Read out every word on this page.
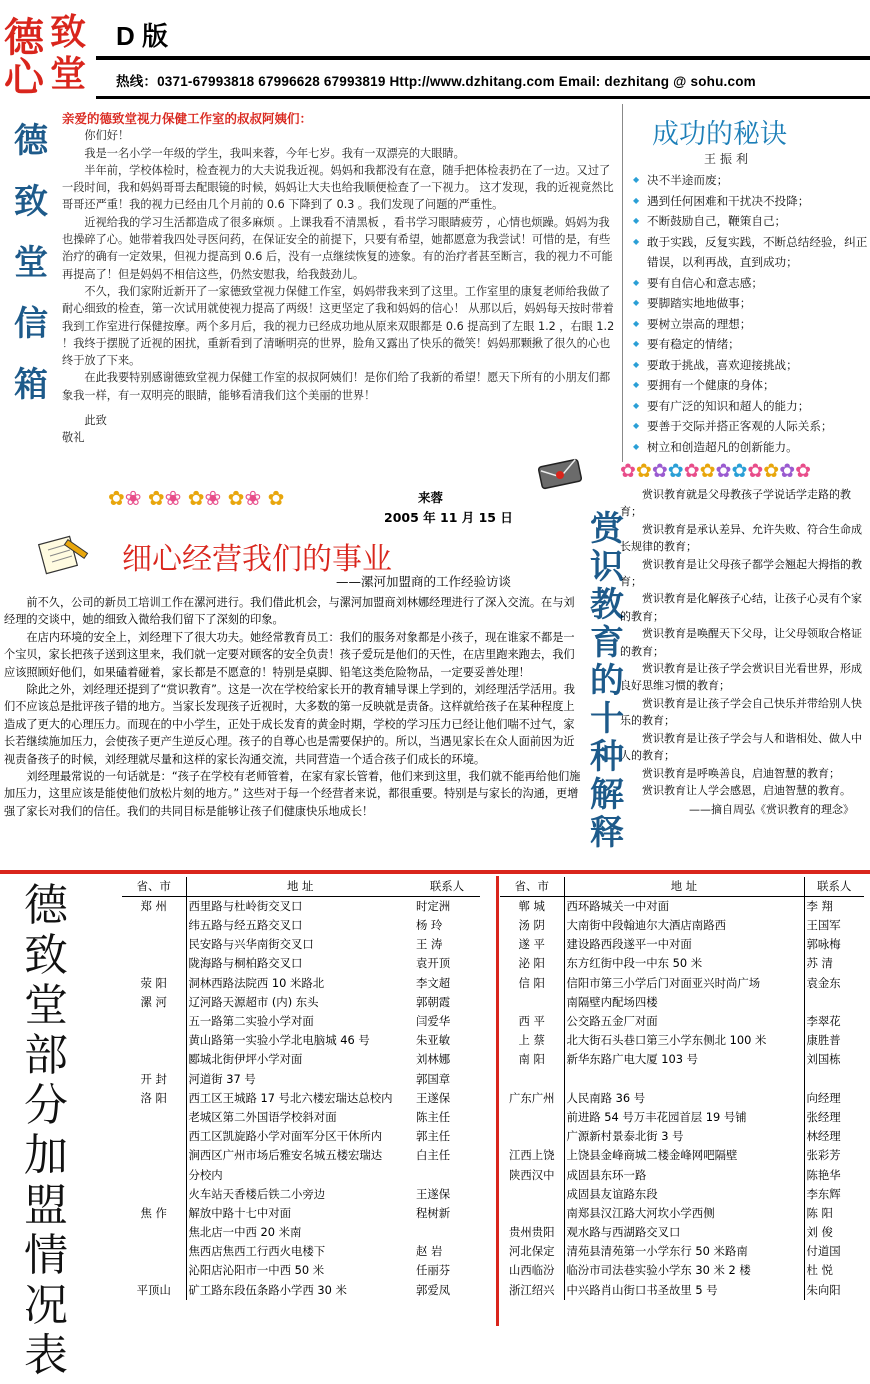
德 致
心 堂
D 版
热线：0371-67993818 67996628 67993819 Http://www.dzhitang.com Email: dezhitang @ sohu.com
德
致
堂
信
箱
亲爱的德致堂视力保健工作室的叔叔阿姨们：

你们好！

我是一名小学一年级的学生，我叫来蓉，今年七岁。我有一双漂亮的大眼睛。

半年前，学校体检时，检查视力的大夫说我近视。妈妈和我都没有在意，随手把体检表扔在了一边。又过了一段时间，我和妈妈哥哥去配眼镜的时候，妈妈让大夫也给我顺便检查了一下视力。 这才发现，我的近视竟然比哥哥还严重！我的视力已经由几个月前的 0.6 下降到了 0.3 。我们发现了问题的严重性。

近视给我的学习生活都造成了很多麻烦 。上课我看不清黑板 ，看书学习眼睛疲劳 ，心情也烦躁。妈妈为我也操碎了心。她带着我四处寻医问药，在保证安全的前提下，只要有希望，她都愿意为我尝试！可惜的是，有些治疗的确有一定效果，但视力提高到 0.6 后，没有一点继续恢复的迹象。有的治疗者甚至断言，我的视力不可能再提高了！但是妈妈不相信这些，仍然安慰我，给我鼓劲儿。

不久，我们家附近新开了一家德致堂视力保健工作室，妈妈带我来到了这里。工作室里的康复老师给我做了耐心细致的检查，第一次试用就使视力提高了两级！这更坚定了我和妈妈的信心！ 从那以后，妈妈每天按时带着我到工作室进行保健按摩。两个多月后，我的视力已经成功地从原来双眼都是 0.6 提高到了左眼 1.2 ，右眼 1.2 ！我终于摆脱了近视的困扰，重新看到了清晰明亮的世界，脸角又露出了快乐的微笑！妈妈那颗揪了很久的心也终于放了下来。

在此我要特别感谢德致堂视力保健工作室的叔叔阿姨们！是你们给了我新的希望！愿天下所有的小朋友们都象我一样，有一双明亮的眼睛，能够看清我们这个美丽的世界！

此致

敬礼

成功的秘诀
王振利
◆ 决不半途而废；
◆ 遇到任何困难和干扰决不投降；
◆ 不断鼓励自己，鞭策自己；
◆ 敢于实践，反复实践，不断总结经验，纠正错误，以利再战，直到成功；
◆ 要有自信心和意志感；
◆ 要脚踏实地地做事；
◆ 要树立崇高的理想；
◆ 要有稳定的情绪；
◆ 要敢于挑战，喜欢迎接挑战；
◆ 要拥有一个健康的身体；
◆ 要有广泛的知识和超人的能力；
◆ 要善于交际并搭正客观的人际关系；
◆ 树立和创造超凡的创新能力。
✿✿✿✿✿✿✿✿✿✿✿✿
✿❀ ✿❀ ✿❀ ✿❀ ✿	来蓉
2005 年 11 月 15 日
细心经营我们的事业
——漯河加盟商的工作经验访谈

前不久，公司的新员工培训工作在漯河进行。我们借此机会，与漯河加盟商刘林娜经理进行了深入交流。在与刘经理的交谈中，她的细致入微给我们留下了深刻的印象。

在店内环境的安全上，刘经理下了很大功夫。她经常教育员工：我们的服务对象都是小孩子，现在谁家不都是一个宝贝，家长把孩子送到这里来，我们就一定要对顾客的安全负责！孩子爱玩是他们的天性，在店里跑来跑去，我们应该照顾好他们，如果磕着碰着，家长都是不愿意的！特别是桌脚、铅笔这类危险物品，一定要妥善处理！

除此之外，刘经理还提到了“赏识教育”。这是一次在学校给家长开的教育辅导课上学到的，刘经理活学活用。我们不应该总是批评孩子错的地方。当家长发现孩子近视时，大多数的第一反映就是责备。这样就给孩子在某种程度上造成了更大的心理压力。而现在的中小学生，正处于成长发育的黄金时期，学校的学习压力已经让他们喘不过气，家长若继续施加压力，会使孩子更产生逆反心理。孩子的自尊心也是需要保护的。所以，当遇见家长在众人面前因为近视责备孩子的时候，刘经理就尽量和这样的家长沟通交流，共同营造一个适合孩子们成长的环境。

刘经理最常说的一句话就是：“孩子在学校有老师管着，在家有家长管着，他们来到这里，我们就不能再给他们施加压力，这里应该是能使他们放松片刻的地方。” 这些对于每一个经营者来说，都很重要。特别是与家长的沟通，更增强了家长对我们的信任。我们的共同目标是能够让孩子们健康快乐地成长！

赏
识
教
育
的
十
种
解
释

赏识教育就是父母教孩子学说话学走路的教育；

赏识教育是承认差异、允许失败、符合生命成长规律的教育；

赏识教育是让父母孩子都学会翘起大拇指的教育；

赏识教育是化解孩子心结，让孩子心灵有个家的教育；

赏识教育是唤醒天下父母，让父母领取合格证的教育；

赏识教育是让孩子学会赏识目光看世界，形成良好思维习惯的教育；

赏识教育是让孩子学会自己快乐并带给别人快乐的教育；

赏识教育是让孩子学会与人和谐相处、做人中人的教育；

赏识教育是呼唤善良，启迪智慧的教育；

赏识教育让人学会感恩，启迪智慧的教育。

——摘自周弘《赏识教育的理念》
德
致
堂
部
分
加
盟
情
况
表
省、市	地 址	联系人
郑 州	西里路与杜岭街交叉口	时定洲
	纬五路与经五路交叉口	杨 玲
	民安路与兴华南街交叉口	王 涛
	陇海路与桐柏路交叉口	袁开顶
荥 阳	洞林西路法院西 10 米路北	李文超
漯 河	辽河路天源超市 (内) 东头	郭朝霞
	五一路第二实验小学对面	闫爱华
	黄山路第一实验小学北电脑城 46 号	朱亚敏
	郾城北街伊坪小学对面	刘林娜
开 封	河道街 37 号	郭国章
洛 阳	西工区王城路 17 号北六楼宏瑞达总校内	王遂保
	老城区第二外国语学校斜对面	陈主任
	西工区凯旋路小学对面军分区干休所内	郭主任
	涧西区广州市场后雅安名城五楼宏瑞达	白主任
	分校内	
	火车站天香楼后铁二小旁边	王遂保
焦 作	解放中路十七中对面	程树新
	焦北店一中西 20 米南	
	焦西店焦西工行西火电楼下	赵 岩
	沁阳店沁阳市一中西 50 米	任丽芬
平顶山	矿工路东段伍条路小学西 30 米	郭爱凤
省、市	地 址	联系人
郸 城	西环路城关一中对面	李 翔
汤 阴	大南街中段翰迪尔大酒店南路西	王国军
遂 平	建设路西段遂平一中对面	郭咏梅
泌 阳	东方红街中段一中东 50 米	苏 清
信 阳	信阳市第三小学后门对面亚兴时尚广场	袁金东
	南隔壁内配场四楼	
西 平	公交路五金厂对面	李翠花
上 蔡	北大街石头巷口第三小学东侧北 100 米	康胜普
南 阳	新华东路广电大厦 103 号	刘国栋

广东广州	人民南路 36 号	向经理
	前进路 54 号万丰花园首层 19 号铺	张经理
	广源新村景泰北街 3 号	林经理
江西上饶	上饶县金峰商城二楼金峰网吧隔壁	张彩芳
陕西汉中	成固县东环一路	陈艳华
	成固县友谊路东段	李东辉
	南郑县汉江路大河坎小学西侧	陈 阳
贵州贵阳	观水路与西湖路交叉口	刘 俊
河北保定	清苑县清苑第一小学东行 50 米路南	付道国
山西临汾	临汾市司法巷实验小学东 30 米 2 楼	杜 悦
浙江绍兴	中兴路肖山街口书圣故里 5 号	朱向阳
